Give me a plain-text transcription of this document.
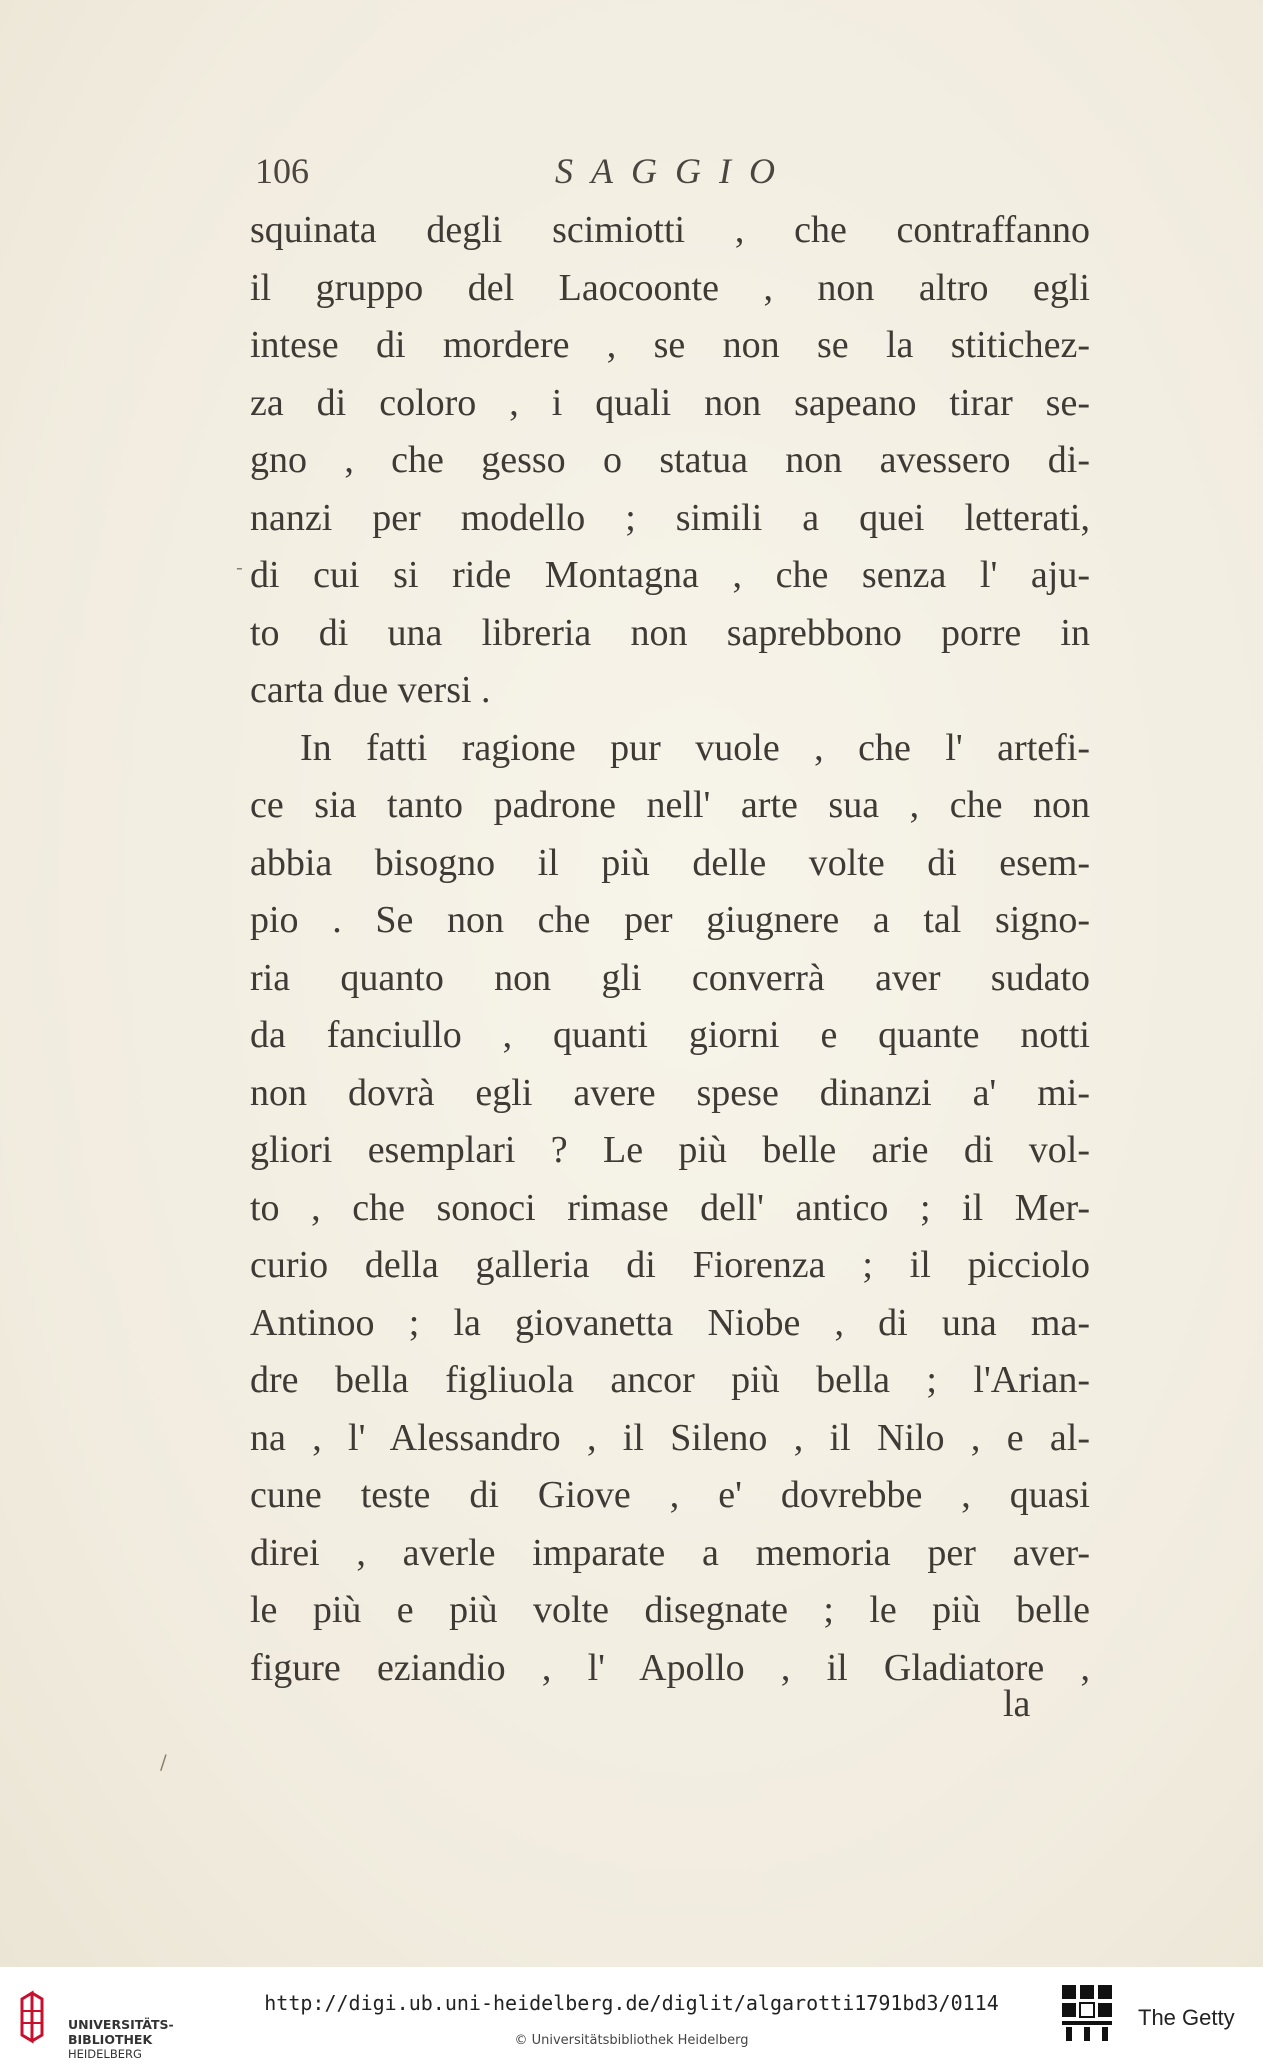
106	SAGGIO
squinata degli scimiotti , che contraffanno
il gruppo del Laocoonte , non altro egli
intese di mordere , se non se la stitichez-
za di coloro , i quali non sapeano tirar se-
gno , che gesso o statua non avessero di-
nanzi per modello ; simili a quei letterati,
di cui si ride Montagna , che senza l' aju-
to di una libreria non saprebbono porre in
carta due versi .
In fatti ragione pur vuole , che l' artefi-
ce sia tanto padrone nell' arte sua , che non
abbia bisogno il più delle volte di esem-
pio . Se non che per giugnere a tal signo-
ria quanto non gli converrà aver sudato
da fanciullo , quanti giorni e quante notti
non dovrà egli avere spese dinanzi a' mi-
gliori esemplari ? Le più belle arie di vol-
to , che sonoci rimase dell' antico ; il Mer-
curio della galleria di Fiorenza ; il picciolo
Antinoo ; la giovanetta Niobe , di una ma-
dre bella figliuola ancor più bella ; l'Arian-
na , l' Alessandro , il Sileno , il Nilo , e al-
cune teste di Giove , e' dovrebbe , quasi
direi , averle imparate a memoria per aver-
le più e più volte disegnate ; le più belle
figure eziandio , l' Apollo , il Gladiatore ,
la
-
/
UNIVERSITÄTS-
BIBLIOTHEK
HEIDELBERG
http://digi.ub.uni-heidelberg.de/diglit/algarotti1791bd3/0114
© Universitätsbibliothek Heidelberg
The Getty
